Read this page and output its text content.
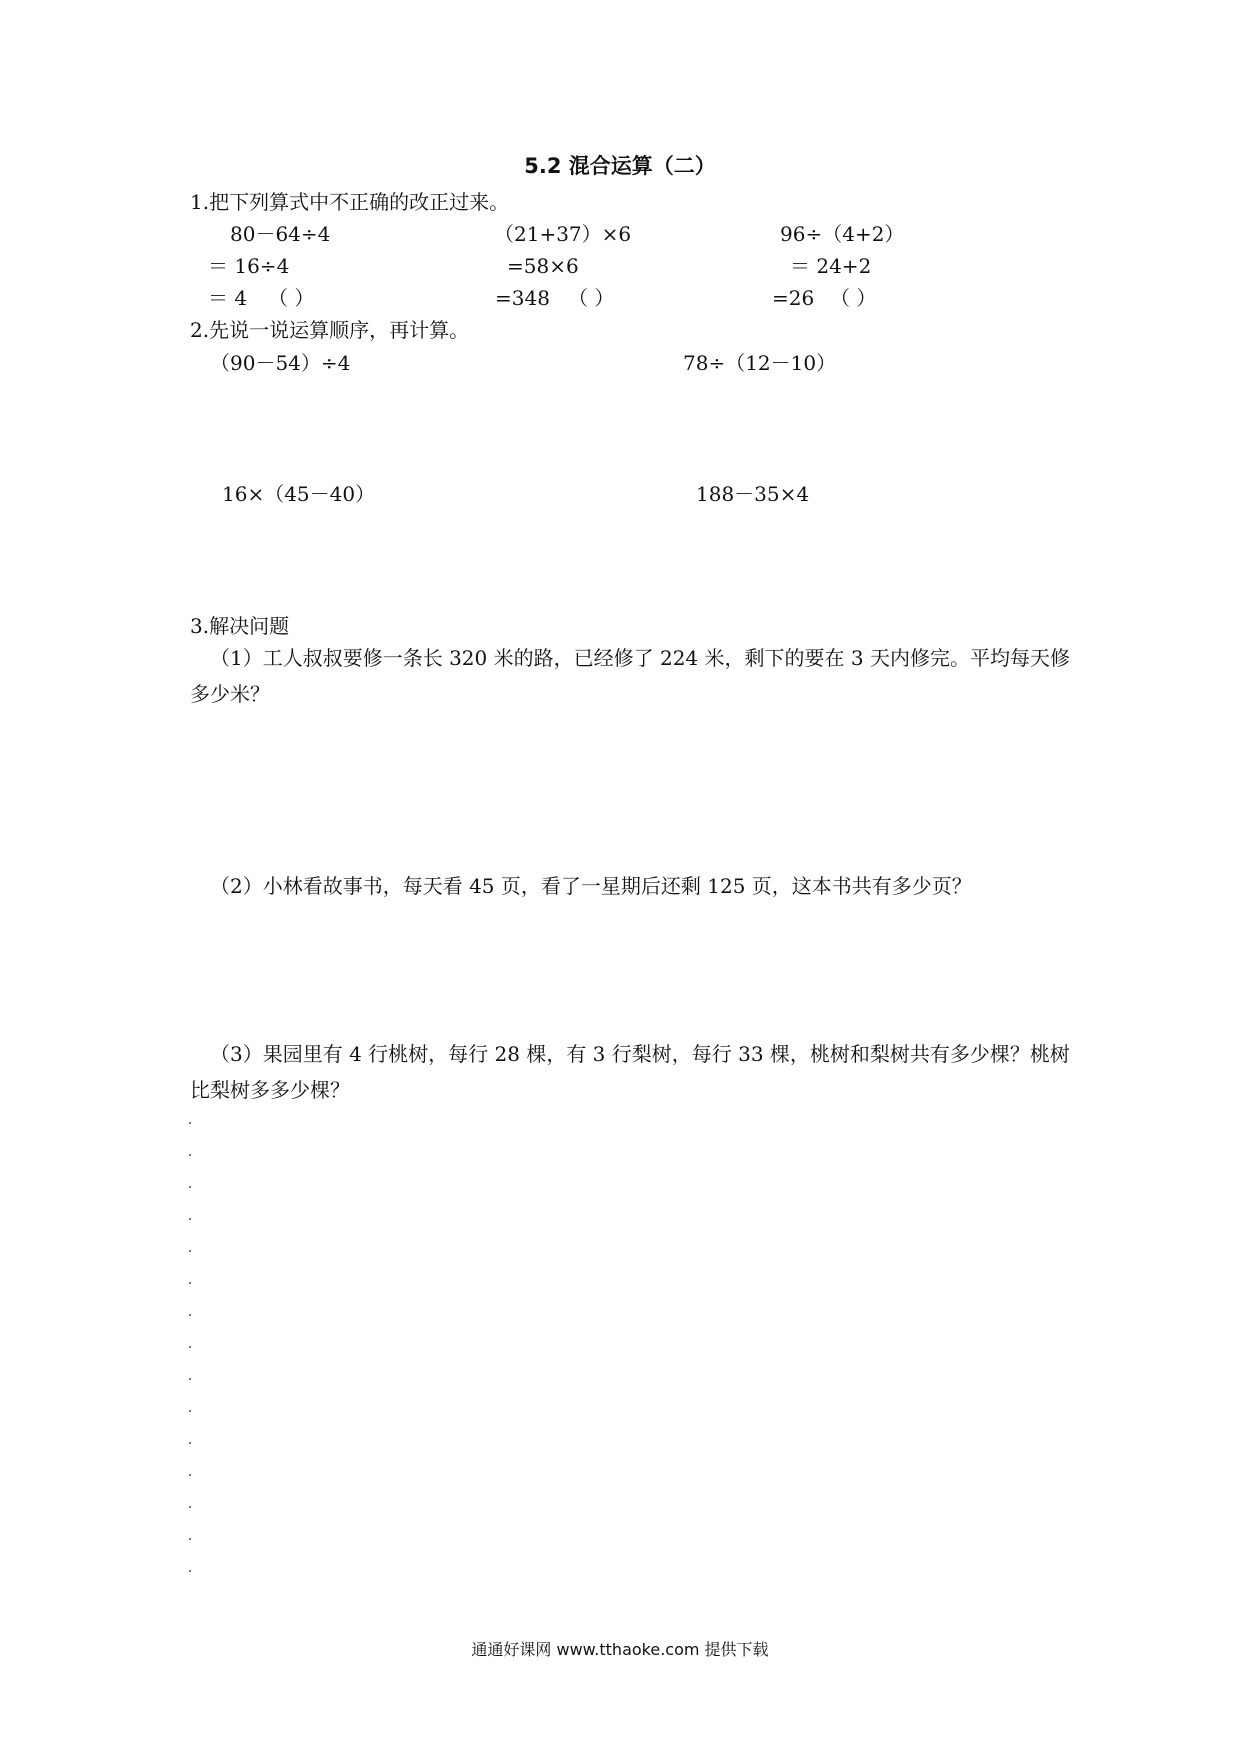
5.2 混合运算（二）
1.把下列算式中不正确的改正过来。
80－64÷4
＝ 16÷4
＝ 4 （ ）
（21+37）×6
=58×6
=348 （ ）
96÷（4+2）
＝ 24+2
=26 （ ）
2.先说一说运算顺序，再计算。
（90－54）÷4	78÷（12－10）
16×（45－40）	188－35×4
3.解决问题
（1）工人叔叔要修一条长 320 米的路，已经修了 224 米，剩下的要在 3 天内修完。平均每天修多少米？
（2）小林看故事书，每天看 45 页，看了一星期后还剩 125 页，这本书共有多少页？
（3）果园里有 4 行桃树，每行 28 棵，有 3 行梨树，每行 33 棵，桃树和梨树共有多少棵？桃树比梨树多多少棵？
通通好课网 www.tthaoke.com 提供下载
